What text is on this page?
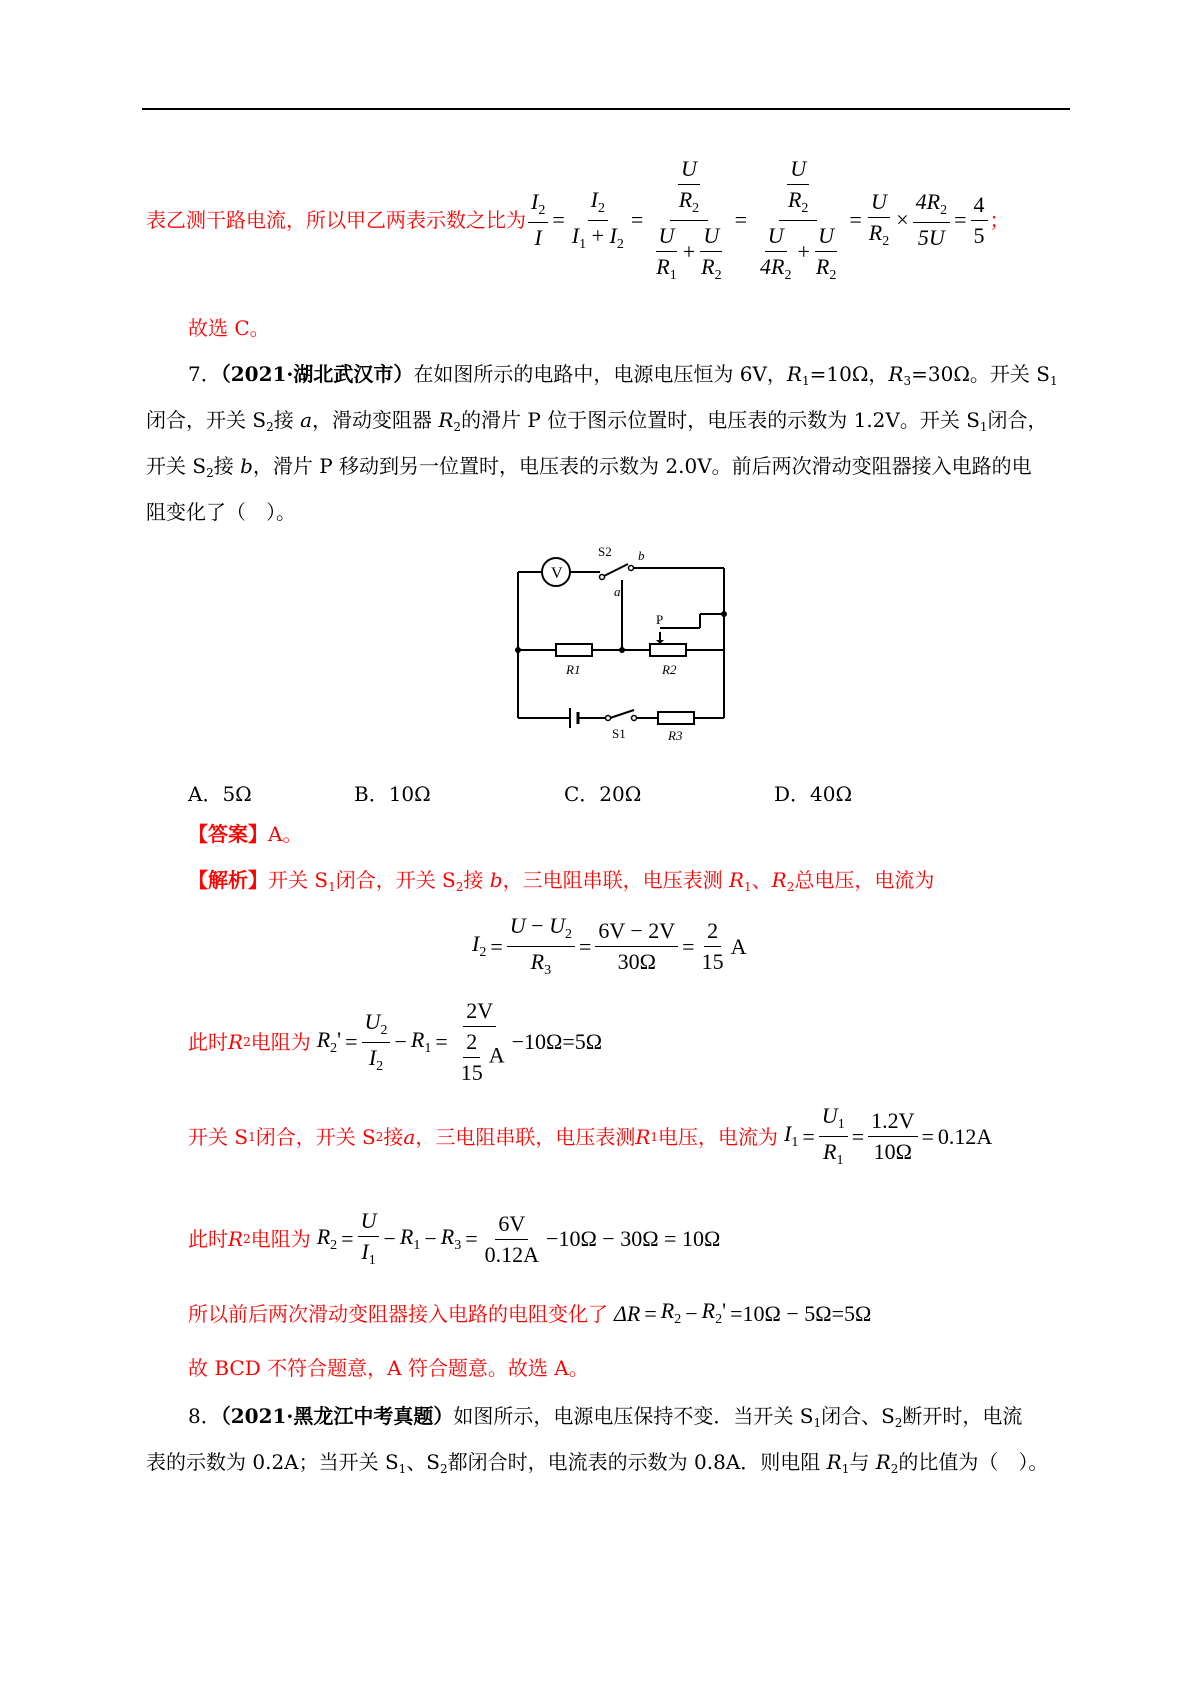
表乙测干路电流，所以甲乙两表示数之比为 $\frac{I_2}{I} = \frac{I_2}{I_1 + I_2} = \frac{\frac{U}{R_2}}{\frac{U}{R_1} + \frac{U}{R_2}} = \frac{\frac{U}{R_2}}{\frac{U}{4R_2} + \frac{U}{R_2}} = \frac{U}{R_2} \times \frac{4R_2}{5U} = \frac{4}{5}$ ；
故选 C。
7．（2021·湖北武汉市）在如图所示的电路中，电源电压恒为 6V，$R_1=10\Omega$，$R_3=30\Omega$。开关 $S_1$
闭合，开关 $S_2$接 a，滑动变阻器 $R_2$的滑片 P 位于图示位置时，电压表的示数为 1.2V。开关 $S_1$闭合，
开关 $S_2$接 b，滑片 P 移动到另一位置时，电压表的示数为 2.0V。前后两次滑动变阻器接入电路的电
阻变化了（　）。
V
S2 b
a
P
R1	R2
S1	R3
A．5Ω	B．10Ω	C．20Ω	D．40Ω
【答案】A。
【解析】开关 $S_1$闭合，开关 $S_2$接 b，三电阻串联，电压表测 $R_1$、$R_2$总电压，电流为
$I_2 = \frac{U - U_2}{R_3} = \frac{6V - 2V}{30\Omega} = \frac{2}{15}$ A
此时 R 2 电阻为 $R_2' = \frac{U_2}{I_2} - R_1 = \frac{2V}{\frac{2}{15} A} -10\Omega=5\Omega$
开关 S 1 闭合，开关 S 2 接 a ，三电阻串联，电压表测 R 1 电压，电流为 $I_1 = \frac{U_1}{R_1} = \frac{1.2V}{10\Omega} = 0.12A$
此时 R 2 电阻为 $R_2 = \frac{U}{I_1} - R_1 - R_3 = \frac{6V}{0.12A} -10\Omega - 30\Omega = 10\Omega$
所以前后两次滑动变阻器接入电路的电阻变化了 $\Delta R = R_2 - R_2' =10\Omega - 5\Omega=5\Omega$
故 BCD 不符合题意，A 符合题意。故选 A。
8．（2021·黑龙江中考真题）如图所示，电源电压保持不变．当开关 $S_1$闭合、$S_2$断开时，电流
表的示数为 0.2A；当开关 $S_1$、$S_2$都闭合时，电流表的示数为 0.8A．则电阻 $R_1$与 $R_2$的比值为（　）。
